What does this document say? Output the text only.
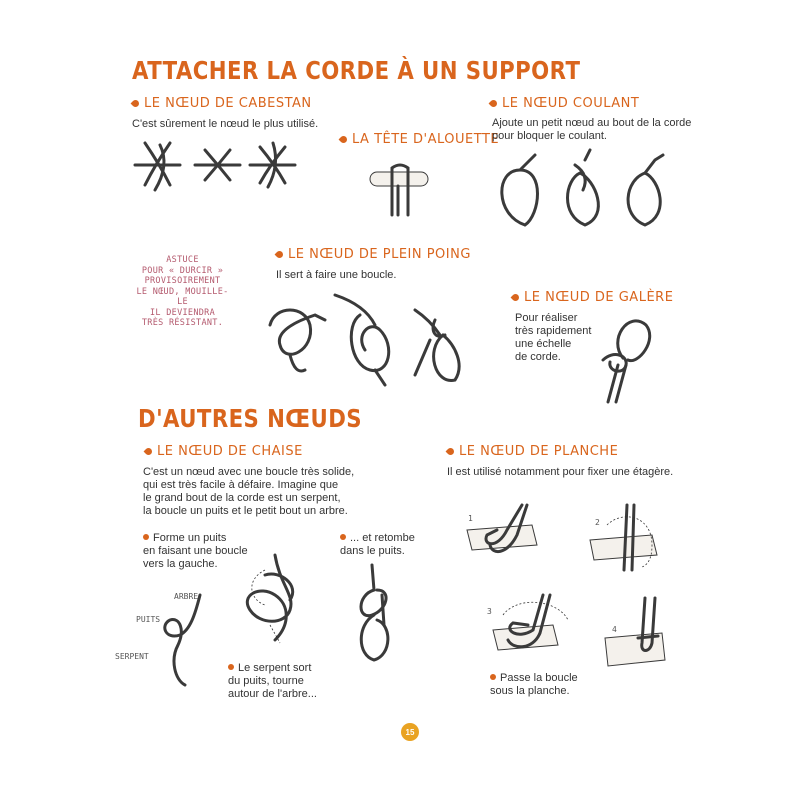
ATTACHER LA CORDE À UN SUPPORT
LE NŒUD DE CABESTAN
C'est sûrement le nœud le plus utilisé.
LA TÊTE D'ALOUETTE
LE NŒUD COULANT
Ajoute un petit nœud au bout de la corde
pour bloquer le coulant.
ASTUCE
POUR « DURCIR »
PROVISOIREMENT
LE NŒUD, MOUILLE-LE
IL DEVIENDRA
TRÈS RÉSISTANT.
LE NŒUD DE PLEIN POING
Il sert à faire une boucle.
LE NŒUD DE GALÈRE
Pour réaliser
très rapidement
une échelle
de corde.
D'AUTRES NŒUDS
LE NŒUD DE CHAISE
C'est un nœud avec une boucle très solide,
qui est très facile à défaire. Imagine que
le grand bout de la corde est un serpent,
la boucle un puits et le petit bout un arbre.
Forme un puits
en faisant une boucle
vers la gauche.
... et retombe
dans le puits.
ARBRE
PUITS
SERPENT
Le serpent sort
du puits, tourne
autour de l'arbre...
LE NŒUD DE PLANCHE
Il est utilisé notamment pour fixer une étagère.
1	2
3
4
Passe la boucle
sous la planche.
15
